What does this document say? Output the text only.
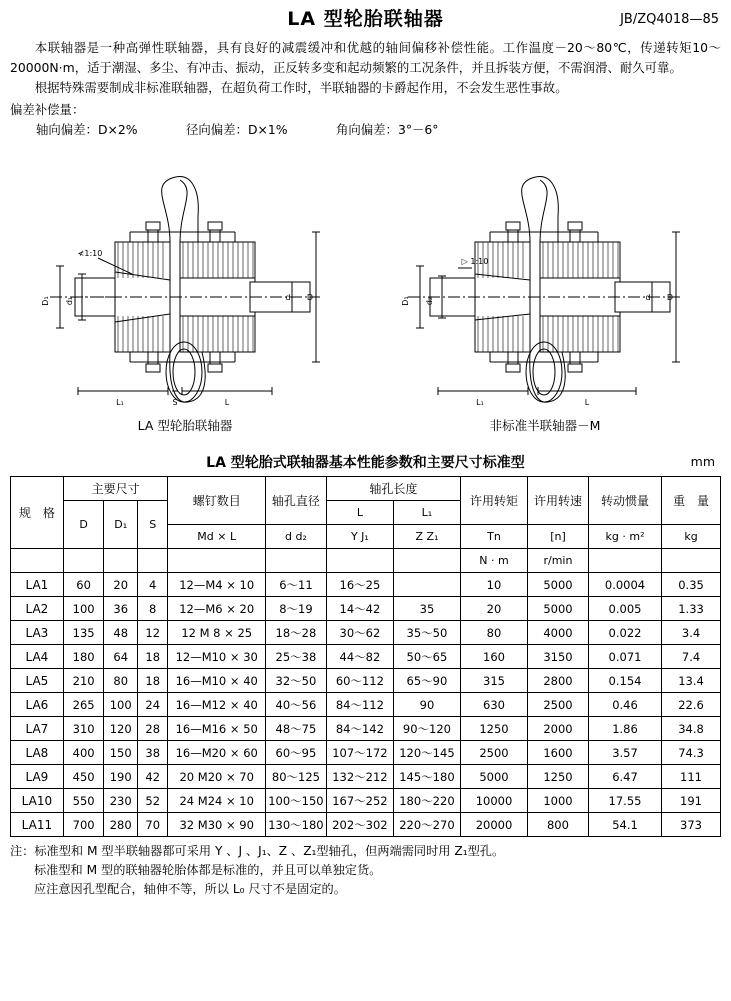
LA 型轮胎联轴器	JB/ZQ4018—85

本联轴器是一种高弹性联轴器，具有良好的减震缓冲和优越的轴间偏移补偿性能。工作温度－20～80℃，传递转矩10～20000N·m，适于潮湿、多尘、有冲击、振动，正反转多变和起动频繁的工况条件，并且拆装方便，不需润滑、耐久可靠。

根据特殊需要制成非标准联轴器，在超负荷工作时，半联轴器的卡爵起作用，不会发生恶性事故。

偏差补偿量：
轴向偏差：D×2%	径向偏差：D×1%	角向偏差：3°－6°
D₁ d₁	d D
≮1:10
L₁	S	L
LA 型轮胎联轴器
D₁ d₂	d D
▷ 1:10
L₁	L
非标准半联轴器－M
LA 型轮胎式联轴器基本性能参数和主要尺寸标准型	mm
规　格	主要尺寸			螺钉数目	轴孔直径	轴孔长度		许用转矩	许用转速	转动惯量	重　量
	D	D₁	S			L	L₁				
				Md × L	d d₂	Y J₁	Z Z₁	Tn	[n]	kg · m²	kg
								N · m	r/min		
LA1	60	20	4	12—M4 × 10	6～11	16～25		10	5000	0.0004	0.35
LA2	100	36	8	12—M6 × 20	8～19	14～42	35	20	5000	0.005	1.33
LA3	135	48	12	12 M 8 × 25	18～28	30～62	35～50	80	4000	0.022	3.4
LA4	180	64	18	12—M10 × 30	25～38	44～82	50～65	160	3150	0.071	7.4
LA5	210	80	18	16—M10 × 40	32～50	60～112	65～90	315	2800	0.154	13.4
LA6	265	100	24	16—M12 × 40	40～56	84～112	90	630	2500	0.46	22.6
LA7	310	120	28	16—M16 × 50	48～75	84～142	90～120	1250	2000	1.86	34.8
LA8	400	150	38	16—M20 × 60	60～95	107～172	120～145	2500	1600	3.57	74.3
LA9	450	190	42	20 M20 × 70	80～125	132～212	145～180	5000	1250	6.47	111
LA10	550	230	52	24 M24 × 10	100～150	167～252	180～220	10000	1000	17.55	191
LA11	700	280	70	32 M30 × 90	130～180	202～302	220～270	20000	800	54.1	373
注：标准型和 M 型半联轴器都可采用 Y 、J 、J₁、Z 、Z₁型轴孔，但两端需同时用 Z₁型孔。
标准型和 M 型的联轴器轮胎体都是标准的，并且可以单独定货。
应注意因孔型配合，轴伸不等，所以 L₀ 尺寸不是固定的。
